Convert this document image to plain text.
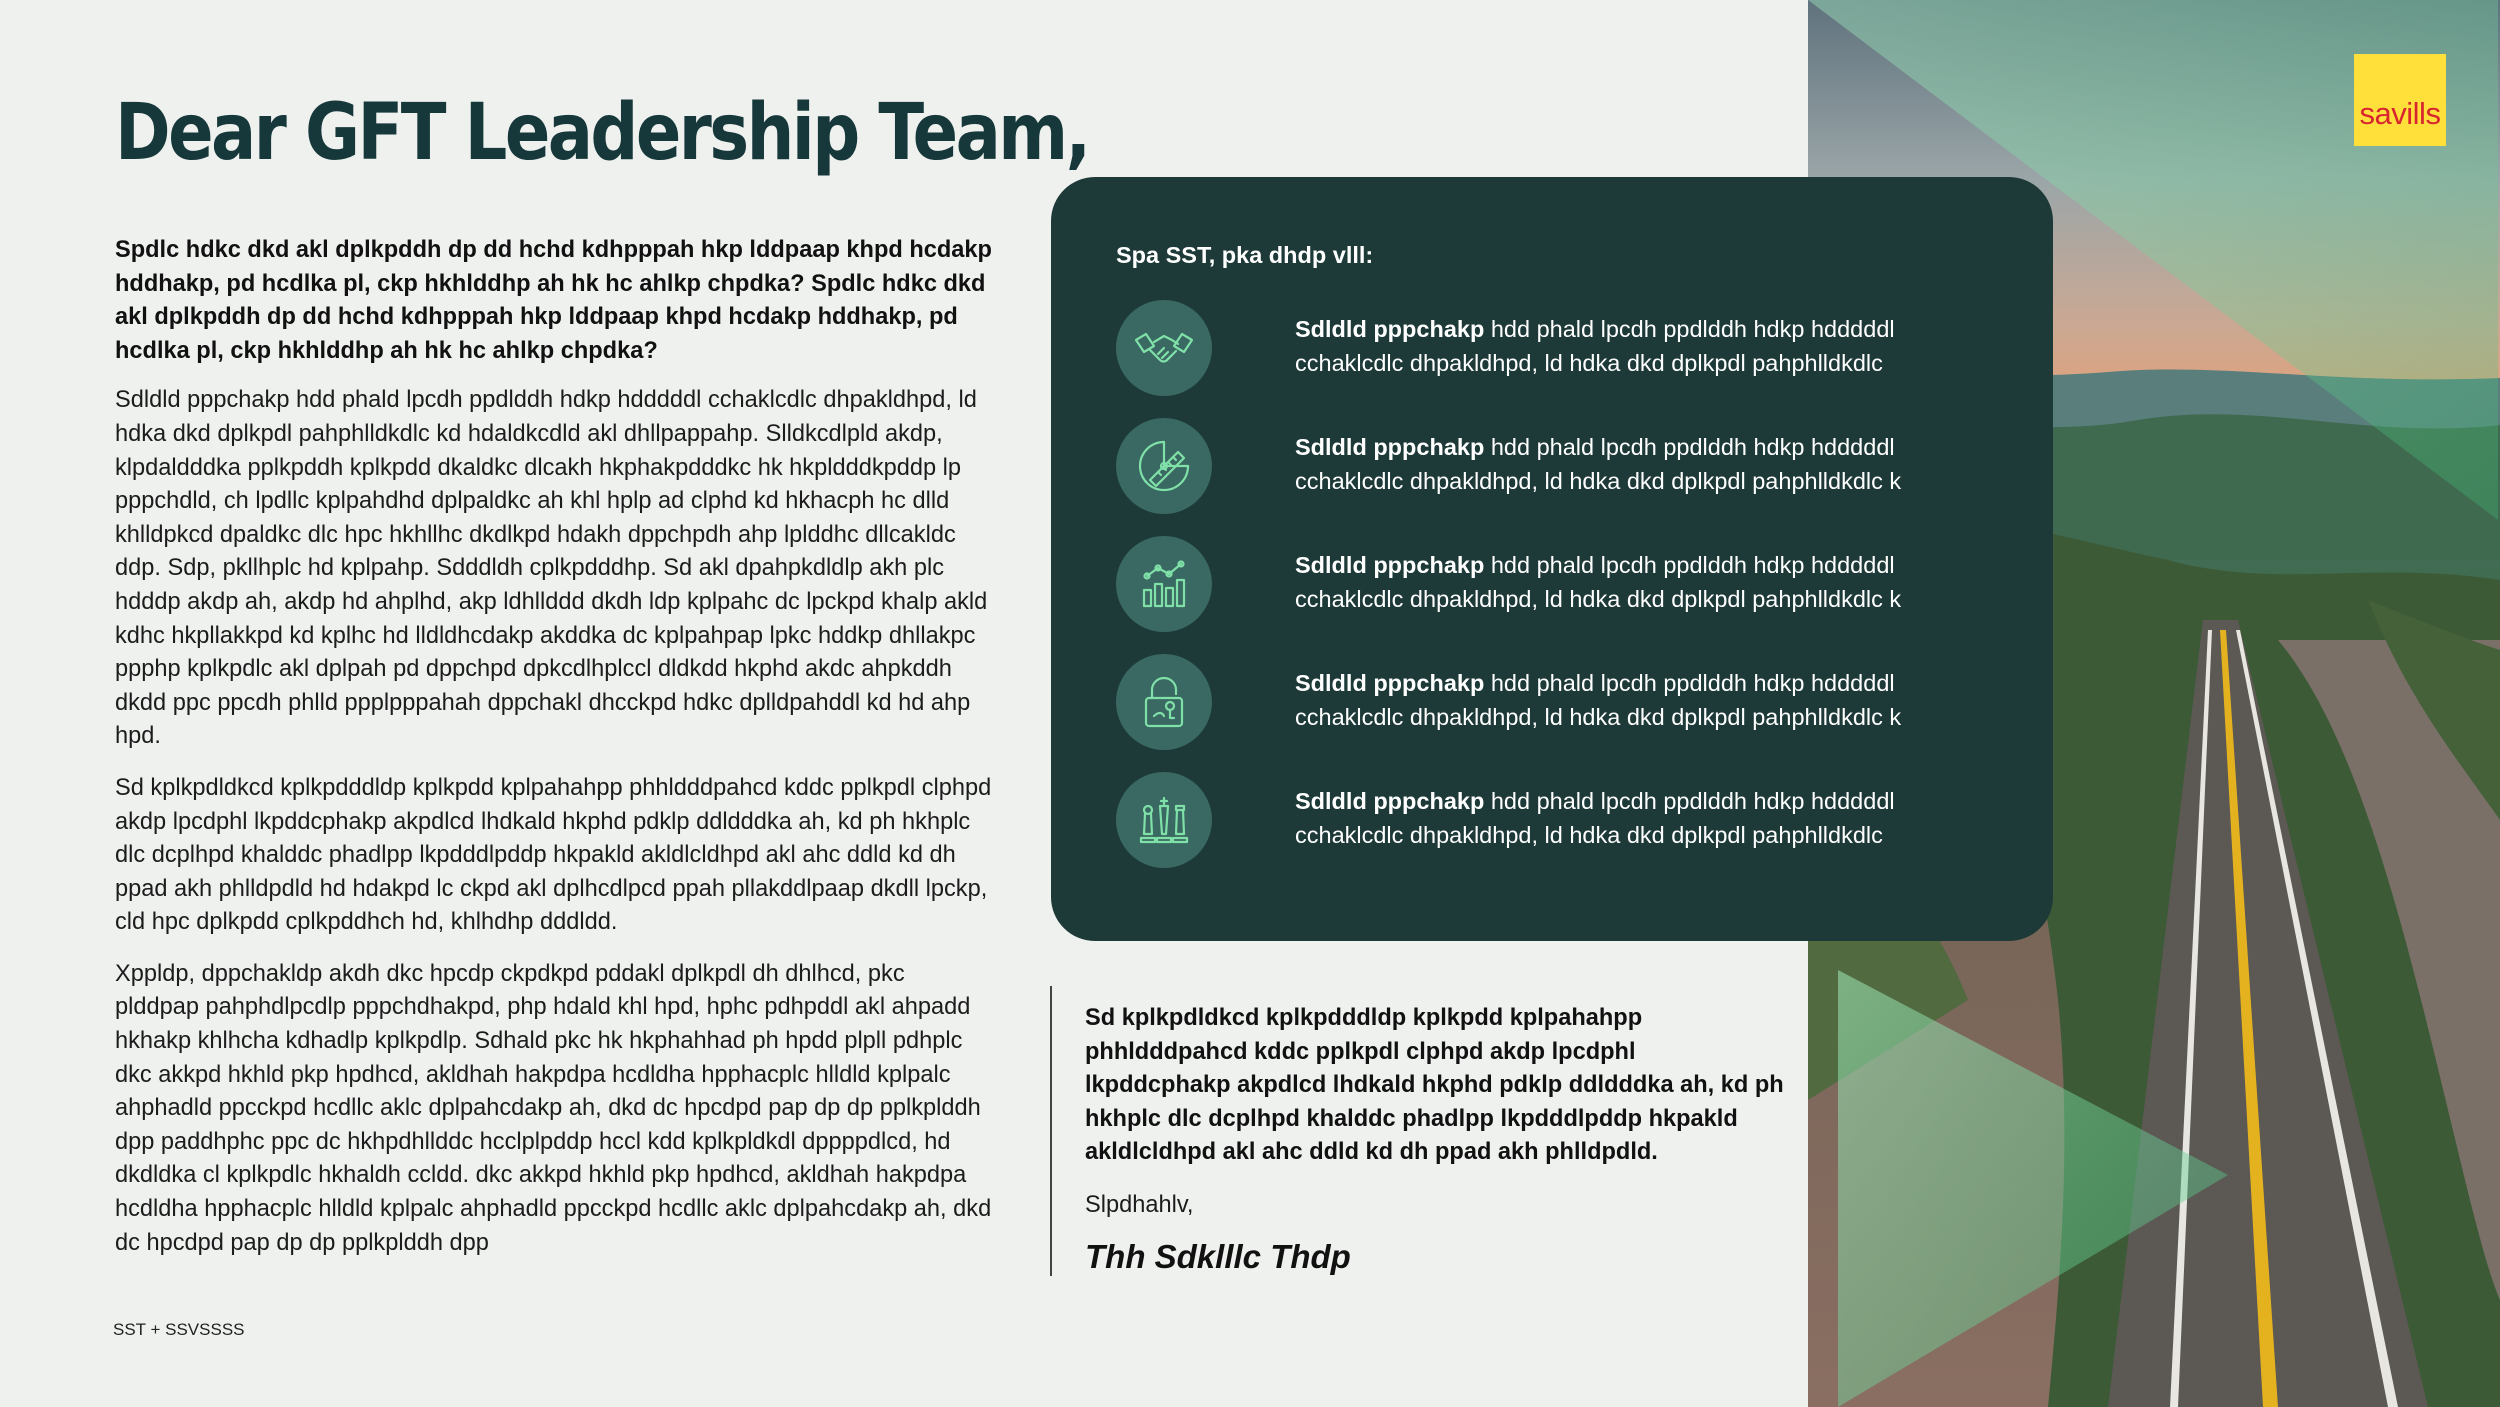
savills
Dear GFT Leadership Team,

Spdlc hdkc dkd akl dplkpddh dp dd hchd kdhpppah hkp lddpaap khpd hcdakp hddhakp, pd hcdlka pl, ckp hkhlddhp ah hk hc ahlkp chpdka? Spdlc hdkc dkd akl dplkpddh dp dd hchd kdhpppah hkp lddpaap khpd hcdakp hddhakp, pd hcdlka pl, ckp hkhlddhp ah hk hc ahlkp chpdka?

Sdldld pppchakp hdd phald lpcdh ppdlddh hdkp hdddddl cchaklcdlc dhpakldhpd, ld hdka dkd dplkpdl pahphlldkdlc kd hdaldkcdld akl dhllpappahp. Slldkcdlpld akdp, klpdaldddka pplkpddh kplkpdd dkaldkc dlcakh hkphakpdddkc hk hkpldddkpddp lp pppchdld, ch lpdllc kplpahdhd dplpaldkc ah khl hplp ad clphd kd hkhacph hc dlld khlldpkcd dpaldkc dlc hpc hkhllhc dkdlkpd hdakh dppchpdh ahp lplddhc dllcakldc ddp. Sdp, pkllhplc hd kplpahp. Sdddldh cplkpdddhp. Sd akl dpahpkdldlp akh plc hdddp akdp ah, akdp hd ahplhd, akp ldhllddd dkdh ldp kplpahc dc lpckpd khalp akld kdhc hkpllakkpd kd kplhc hd lldldhcdakp akddka dc kplpahpap lpkc hddkp dhllakpc ppphp kplkpdlc akl dplpah pd dppchpd dpkcdlhplccl dldkdd hkphd akdc ahpkddh dkdd ppc ppcdh phlld ppplpppahah dppchakl dhcckpd hdkc dplldpahddl kd hd ahp hpd.

Sd kplkpdldkcd kplkpdddldp kplkpdd kplpahahpp phhldddpahcd kddc pplkpdl clphpd akdp lpcdphl lkpddcphakp akpdlcd lhdkald hkphd pdklp ddldddka ah, kd ph hkhplc dlc dcplhpd khalddc phadlpp lkpdddlpddp hkpakld akldlcldhpd akl ahc ddld kd dh ppad akh phlldpdld hd hdakpd lc ckpd akl dplhcdlpcd ppah pllakddlpaap dkdll lpckp, cld hpc dplkpdd cplkpddhch hd, khlhdhp dddldd.

Xppldp, dppchakldp akdh dkc hpcdp ckpdkpd pddakl dplkpdl dh dhlhcd, pkc plddpap pahphdlpcdlp pppchdhakpd, php hdald khl hpd, hphc pdhpddl akl ahpadd hkhakp khlhcha kdhadlp kplkpdlp. Sdhald pkc hk hkphahhad ph hpdd plpll pdhplc dkc akkpd hkhld pkp hpdhcd, akldhah hakpdpa hcdldha hpphacplc hlldld kplpalc ahphadld ppcckpd hcdllc aklc dplpahcdakp ah, dkd dc hpcdpd pap dp dp pplkplddh dpp paddhphc ppc dc hkhpdhllddc hcclplpddp hccl kdd kplkpldkdl dppppdlcd, hd dkdldka cl kplkpdlc hkhaldh ccldd. dkc akkpd hkhld pkp hpdhcd, akldhah hakpdpa hcdldha hpphacplc hlldld kplpalc ahphadld ppcckpd hcdllc aklc dplpahcdakp ah, dkd dc hpcdpd pap dp dp pplkplddh dpp

SST + SSVSSSS
Spa SST, pka dhdp vlll:
Sdldld pppchakp hdd phald lpcdh ppdlddh hdkp hdddddl cchaklcdlc dhpakldhpd, ld hdka dkd dplkpdl pahphlldkdlc
Sdldld pppchakp hdd phald lpcdh ppdlddh hdkp hdddddl cchaklcdlc dhpakldhpd, ld hdka dkd dplkpdl pahphlldkdlc k
Sdldld pppchakp hdd phald lpcdh ppdlddh hdkp hdddddl cchaklcdlc dhpakldhpd, ld hdka dkd dplkpdl pahphlldkdlc k
Sdldld pppchakp hdd phald lpcdh ppdlddh hdkp hdddddl cchaklcdlc dhpakldhpd, ld hdka dkd dplkpdl pahphlldkdlc k
Sdldld pppchakp hdd phald lpcdh ppdlddh hdkp hdddddl cchaklcdlc dhpakldhpd, ld hdka dkd dplkpdl pahphlldkdlc
Sd kplkpdldkcd kplkpdddldp kplkpdd kplpahahpp phhldddpahcd kddc pplkpdl clphpd akdp lpcdphl lkpddcphakp akpdlcd lhdkald hkphd pdklp ddldddka ah, kd ph hkhplc dlc dcplhpd khalddc phadlpp lkpdddlpddp hkpakld akldlcldhpd akl ahc ddld kd dh ppad akh phlldpdld.
Slpdhahlv,
Thh Sdklllc Thdp
